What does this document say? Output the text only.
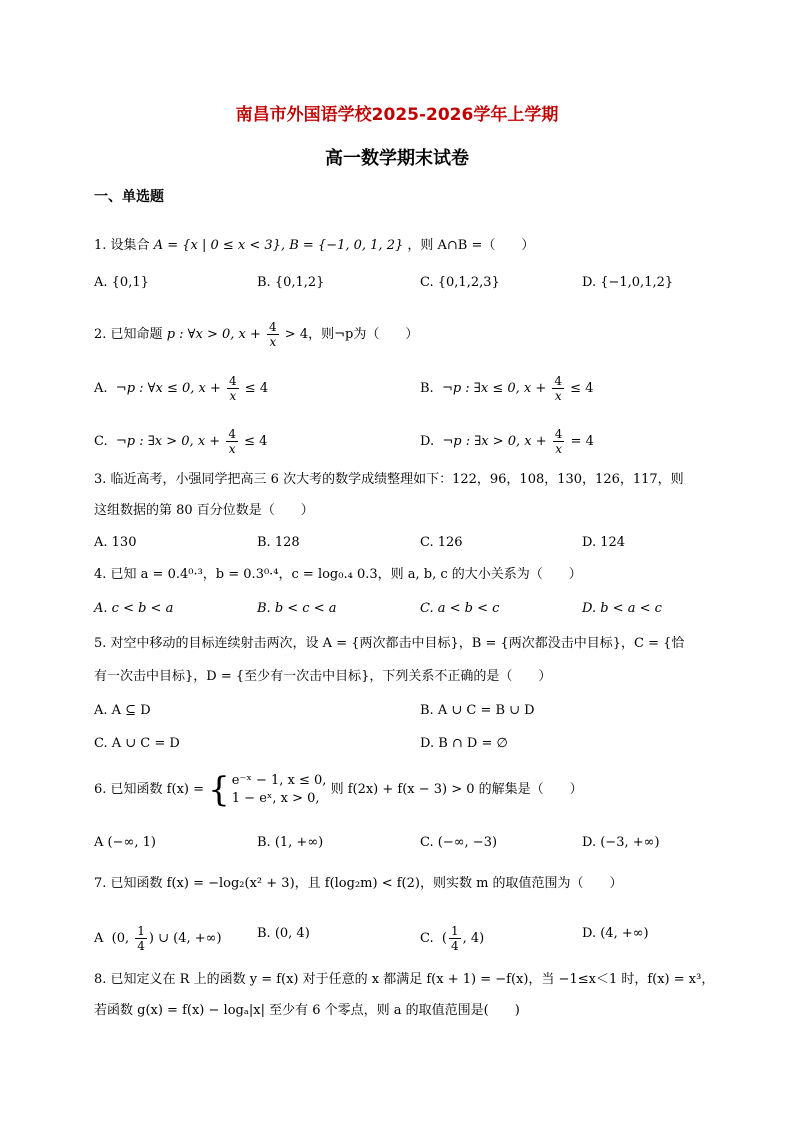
南昌市外国语学校2025-2026学年上学期
高一数学期末试卷
一、单选题
1. 设集合 A = {x | 0 ≤ x < 3}, B = {−1, 0, 1, 2} ，则 A∩B =（　　）
A. {0,1}	B. {0,1,2}	C. {0,1,2,3}	D. {−1,0,1,2}
2. 已知命题 p : ∀x > 0, $x + \frac{4}{x} > 4$，则¬p为（　　）
A. ¬p : ∀x ≤ 0, $x + \frac{4}{x} \le 4$	B. ¬p : ∃x ≤ 0, $x + \frac{4}{x} \le 4$
C. ¬p : ∃x > 0, $x + \frac{4}{x} \le 4$	D. ¬p : ∃x > 0, $x + \frac{4}{x} = 4$
3. 临近高考，小强同学把高三 6 次大考的数学成绩整理如下：122，96，108，130，126，117，则
这组数据的第 80 百分位数是（　　）
A. 130	B. 128	C. 126	D. 124
4. 已知 a = 0.4⁰·³，b = 0.3⁰·⁴，c = log₀.₄ 0.3，则 a, b, c 的大小关系为（　　）
A. c < b < a	B. b < c < a	C. a < b < c	D. b < a < c
5. 对空中移动的目标连续射击两次，设 A = {两次都击中目标}，B = {两次都没击中目标}，C = {恰
有一次击中目标}，D = {至少有一次击中目标}，下列关系不正确的是（　　）
A. A ⊆ D	B. A ∪ C = B ∪ D
C. A ∪ C = D	D. B ∩ D = ∅
6. 已知函数 f(x) = { e⁻ˣ − 1, x ≤ 0,
1 − eˣ, x > 0,
则 f(2x) + f(x − 3) > 0 的解集是（　　）
A (−∞, 1)	B. (1, +∞)	C. (−∞, −3)	D. (−3, +∞)
7. 已知函数 f(x) = −log₂(x² + 3)，且 f(log₂m) < f(2)，则实数 m 的取值范围为（　　）
A (0, $\frac{1}{4}$ ) ∪ (4, +∞)	B. (0, 4)	C. ( $\frac{1}{4}$ , 4)	D. (4, +∞)
8. 已知定义在 R 上的函数 y = f(x) 对于任意的 x 都满足 f(x + 1) = −f(x)，当 −1≤x＜1 时，f(x) = x³，
若函数 g(x) = f(x) − logₐ|x| 至少有 6 个零点，则 a 的取值范围是(　　)
